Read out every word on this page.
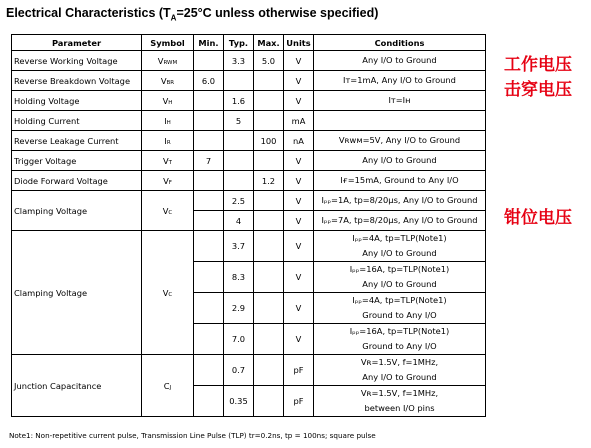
Electrical Characteristics ($T_A=25^\circ C$ unless otherwise specified)
Parameter	Symbol	Min.	Typ.	Max.	Units	Conditions
Reverse Working Voltage	VRWM		3.3	5.0	V	Any I/O to Ground
Reverse Breakdown Voltage	VBR	6.0			V	Iт=1mA, Any I/O to Ground
Holding Voltage	VH		1.6		V	Iт=Iн
Holding Current	IH		5		mA	
Reverse Leakage Current	IR			100	nA	Vʀᴡᴍ=5V, Any I/O to Ground
Trigger Voltage	VT	7			V	Any I/O to Ground
Diode Forward Voltage	VF			1.2	V	Iғ=15mA, Ground to Any I/O
Clamping Voltage	VC		2.5		V	Iₚₚ=1A, tp=8/20µs, Any I/O to Ground
			4		V	Iₚₚ=7A, tp=8/20µs, Any I/O to Ground
Clamping Voltage	VC		3.7		V	Iₚₚ=4A, tp=TLP(Note1)
Any I/O to Ground

			8.3		V	Iₚₚ=16A, tp=TLP(Note1)
Any I/O to Ground

			2.9		V	Iₚₚ=4A, tp=TLP(Note1)
Ground to Any I/O

			7.0		V	Iₚₚ=16A, tp=TLP(Note1)
Ground to Any I/O

Junction Capacitance	CJ		0.7		pF	Vʀ=1.5V, f=1MHz,
Any I/O to Ground

			0.35		pF	Vʀ=1.5V, f=1MHz,
between I/O pins
Note1: Non-repetitive current pulse, Transmission Line Pulse (TLP) tr=0.2ns, tp = 100ns; square pulse
工作电压
击穿电压
钳位电压
